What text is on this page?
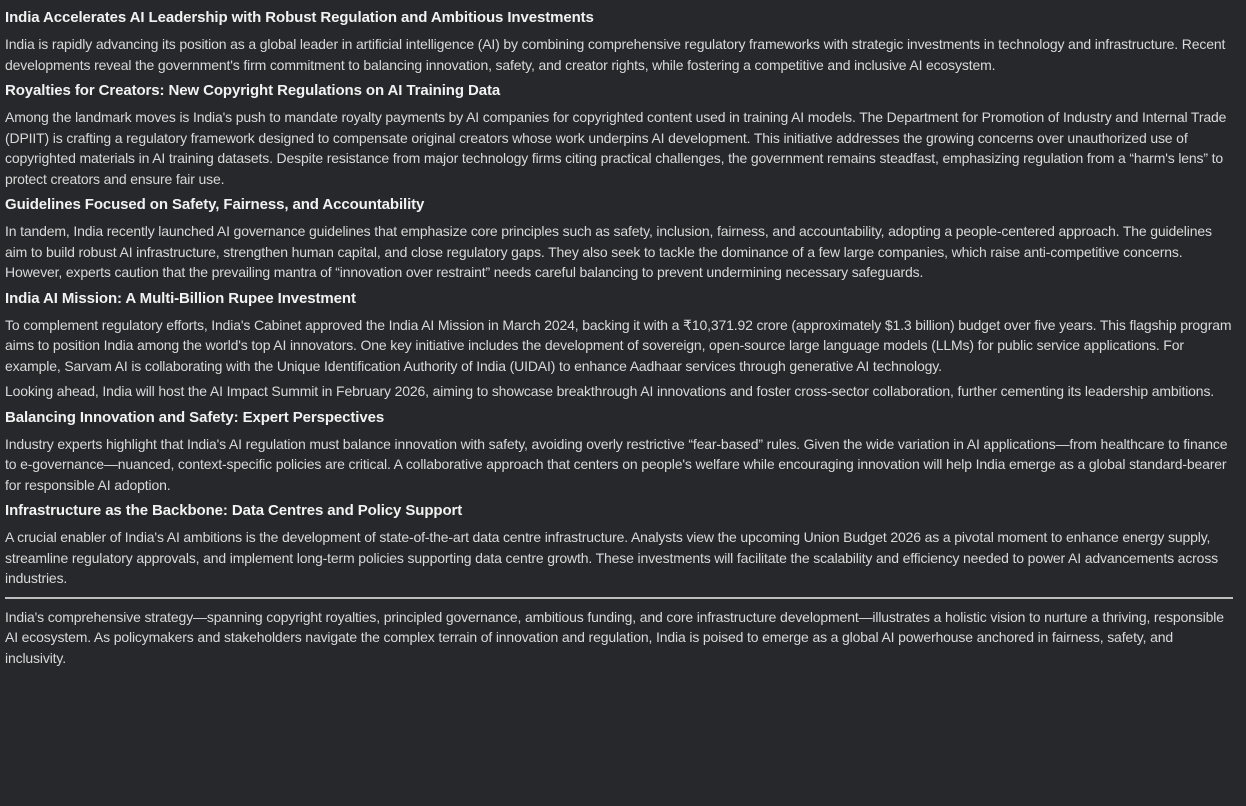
India Accelerates AI Leadership with Robust Regulation and Ambitious Investments

India is rapidly advancing its position as a global leader in artificial intelligence (AI) by combining comprehensive regulatory frameworks with strategic investments in technology and infrastructure. Recent developments reveal the government's firm commitment to balancing innovation, safety, and creator rights, while fostering a competitive and inclusive AI ecosystem.

Royalties for Creators: New Copyright Regulations on AI Training Data

Among the landmark moves is India's push to mandate royalty payments by AI companies for copyrighted content used in training AI models. The Department for Promotion of Industry and Internal Trade (DPIIT) is crafting a regulatory framework designed to compensate original creators whose work underpins AI development. This initiative addresses the growing concerns over unauthorized use of copyrighted materials in AI training datasets. Despite resistance from major technology firms citing practical challenges, the government remains steadfast, emphasizing regulation from a “harm's lens” to protect creators and ensure fair use.

Guidelines Focused on Safety, Fairness, and Accountability

In tandem, India recently launched AI governance guidelines that emphasize core principles such as safety, inclusion, fairness, and accountability, adopting a people-centered approach. The guidelines aim to build robust AI infrastructure, strengthen human capital, and close regulatory gaps. They also seek to tackle the dominance of a few large companies, which raise anti-competitive concerns. However, experts caution that the prevailing mantra of “innovation over restraint” needs careful balancing to prevent undermining necessary safeguards.

India AI Mission: A Multi-Billion Rupee Investment

To complement regulatory efforts, India's Cabinet approved the India AI Mission in March 2024, backing it with a ₹10,371.92 crore (approximately $1.3 billion) budget over five years. This flagship program aims to position India among the world's top AI innovators. One key initiative includes the development of sovereign, open-source large language models (LLMs) for public service applications. For example, Sarvam AI is collaborating with the Unique Identification Authority of India (UIDAI) to enhance Aadhaar services through generative AI technology.

Looking ahead, India will host the AI Impact Summit in February 2026, aiming to showcase breakthrough AI innovations and foster cross-sector collaboration, further cementing its leadership ambitions.

Balancing Innovation and Safety: Expert Perspectives

Industry experts highlight that India's AI regulation must balance innovation with safety, avoiding overly restrictive “fear-based” rules. Given the wide variation in AI applications—from healthcare to finance to e-governance—nuanced, context-specific policies are critical. A collaborative approach that centers on people's welfare while encouraging innovation will help India emerge as a global standard-bearer for responsible AI adoption.

Infrastructure as the Backbone: Data Centres and Policy Support

A crucial enabler of India's AI ambitions is the development of state-of-the-art data centre infrastructure. Analysts view the upcoming Union Budget 2026 as a pivotal moment to enhance energy supply, streamline regulatory approvals, and implement long-term policies supporting data centre growth. These investments will facilitate the scalability and efficiency needed to power AI advancements across industries.

India's comprehensive strategy—spanning copyright royalties, principled governance, ambitious funding, and core infrastructure development—illustrates a holistic vision to nurture a thriving, responsible AI ecosystem. As policymakers and stakeholders navigate the complex terrain of innovation and regulation, India is poised to emerge as a global AI powerhouse anchored in fairness, safety, and inclusivity.
